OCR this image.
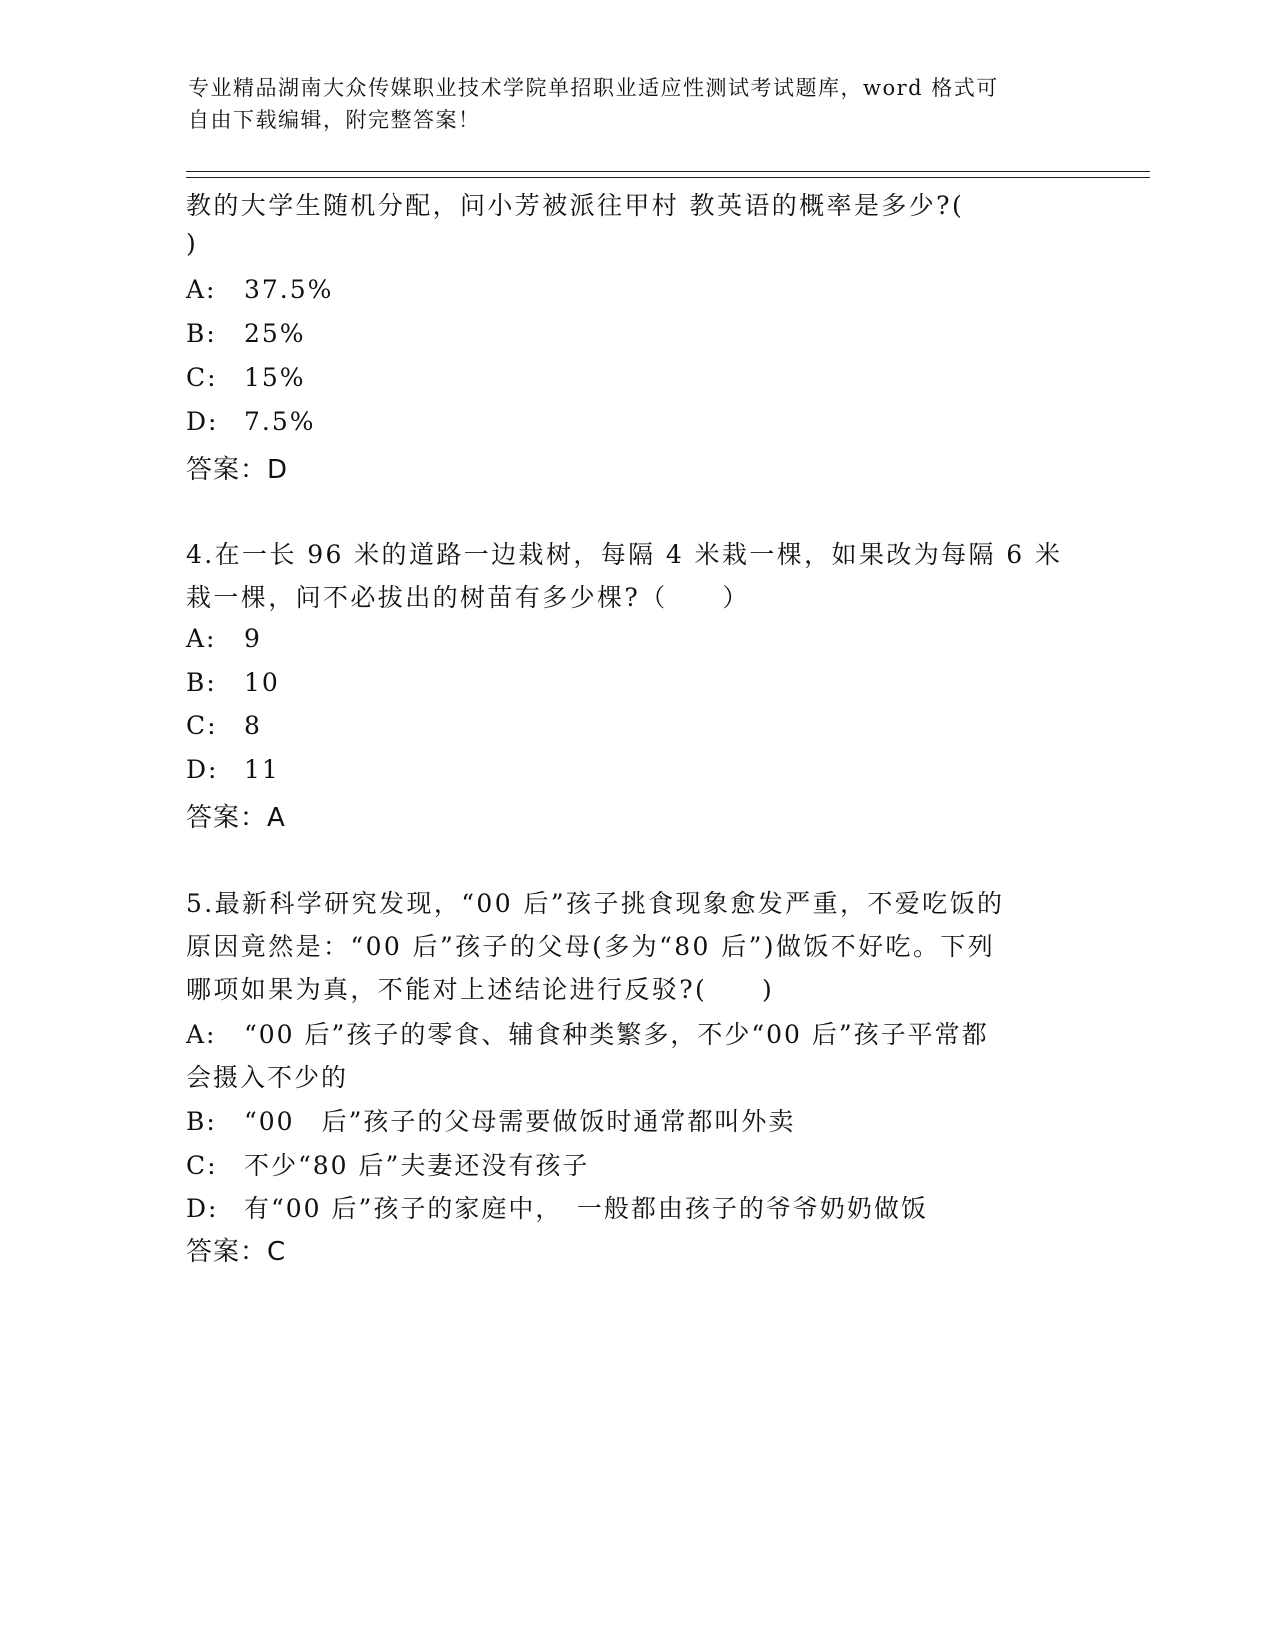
专业精品湖南大众传媒职业技术学院单招职业适应性测试考试题库，word 格式可
自由下载编辑，附完整答案！
教的大学生随机分配，问小芳被派往甲村 教英语的概率是多少?(
)
A: 37.5%
B: 25%
C: 15%
D: 7.5%
答案：D
4.在一长 96 米的道路一边栽树，每隔 4 米栽一棵，如果改为每隔 6 米
栽一棵，问不必拔出的树苗有多少棵?（　　）
A: 9
B: 10
C: 8
D: 11
答案：A
5.最新科学研究发现，“00 后”孩子挑食现象愈发严重，不爱吃饭的
原因竟然是：“00 后”孩子的父母(多为“80 后”)做饭不好吃。下列
哪项如果为真，不能对上述结论进行反驳?(　　)
A: “00 后”孩子的零食、辅食种类繁多，不少“00 后”孩子平常都
会摄入不少的
B: “00　后”孩子的父母需要做饭时通常都叫外卖
C: 不少“80 后”夫妻还没有孩子
D: 有“00 后”孩子的家庭中，　一般都由孩子的爷爷奶奶做饭
答案：C
